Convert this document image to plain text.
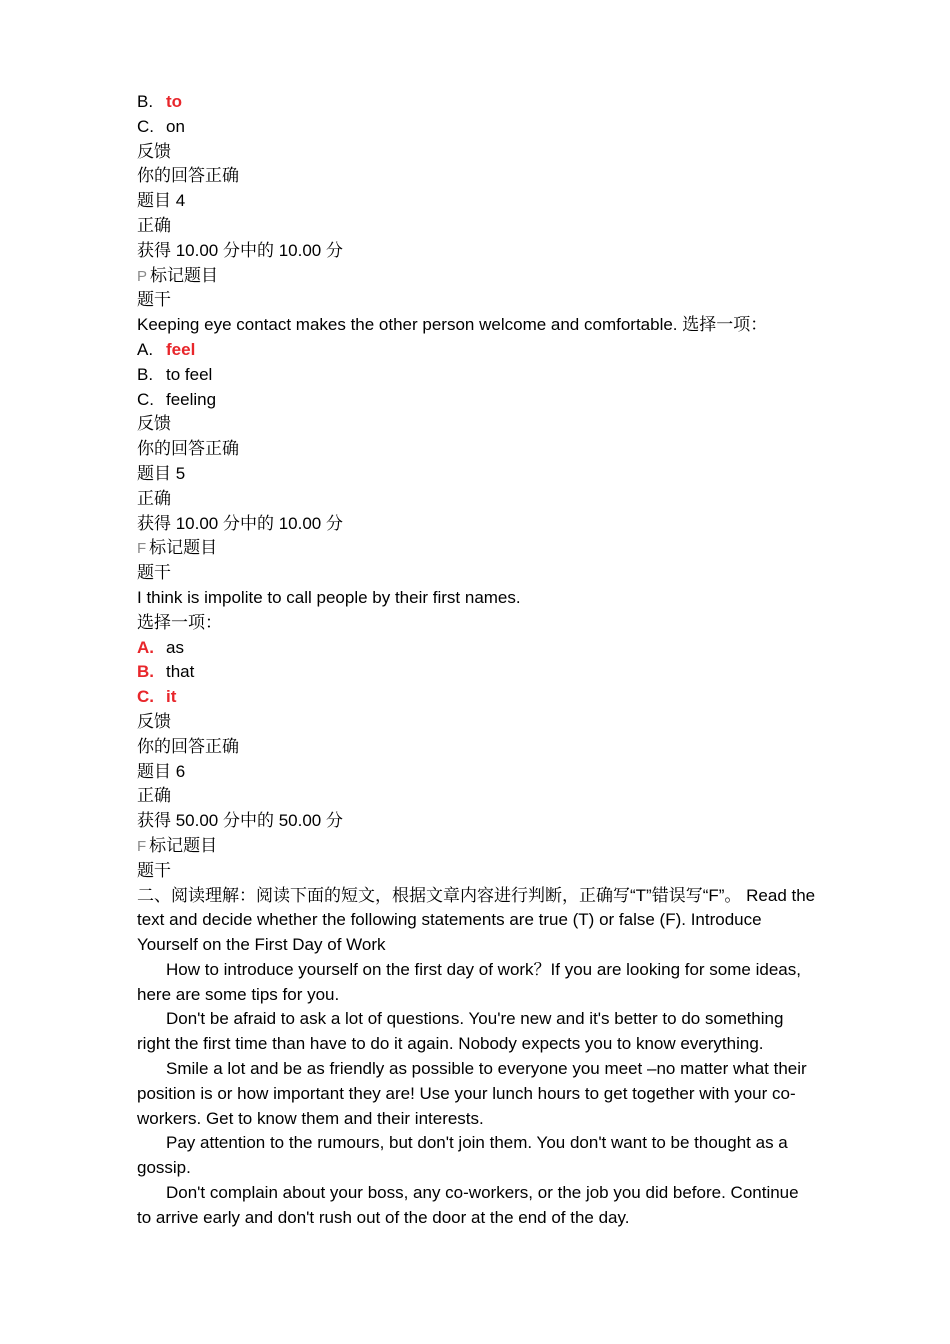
B. to
C. on
反馈
你的回答正确
题目 4
正确
获得 10.00 分中的 10.00 分
P 标记题目
题干
Keeping eye contact makes the other person welcome and comfortable. 选择一项：
A. feel
B. to feel
C. feeling
反馈
你的回答正确
题目 5
正确
获得 10.00 分中的 10.00 分
F 标记题目
题干
I think is impolite to call people by their first names.
选择一项：
A. as
B. that
C. it
反馈
你的回答正确
题目 6
正确
获得 50.00 分中的 50.00 分
F 标记题目
题干
二、阅读理解：阅读下面的短文，根据文章内容进行判断，正确写“T”错误写“F”。 Read the text and decide whether the following statements are true (T) or false (F). Introduce Yourself on the First Day of Work
How to introduce yourself on the first day of work？If you are looking for some ideas, here are some tips for you.
Don't be afraid to ask a lot of questions. You're new and it's better to do something right the first time than have to do it again. Nobody expects you to know everything.
Smile a lot and be as friendly as possible to everyone you meet –no matter what their position is or how important they are! Use your lunch hours to get together with your co-workers. Get to know them and their interests.
Pay attention to the rumours, but don't join them. You don't want to be thought as a gossip.
Don't complain about your boss, any co-workers, or the job you did before. Continue to arrive early and don't rush out of the door at the end of the day.
